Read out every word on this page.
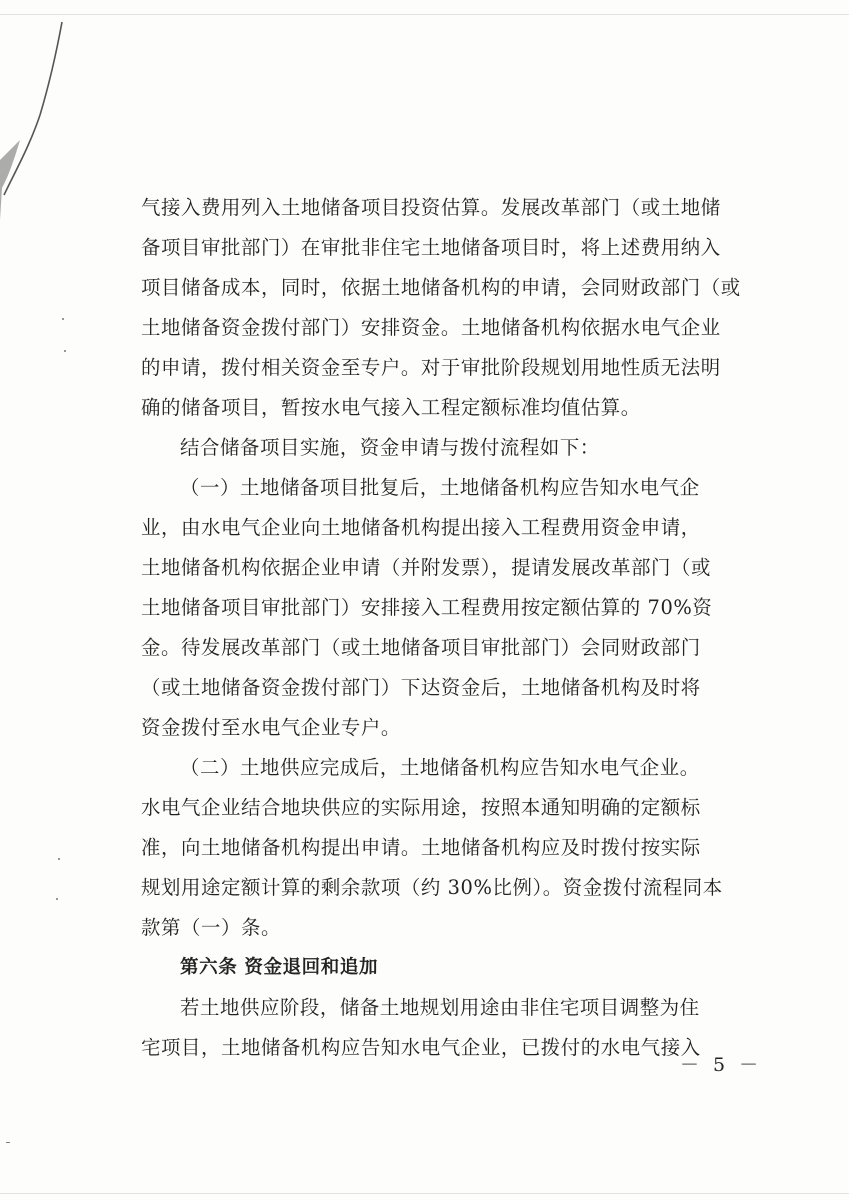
气接入费用列入土地储备项目投资估算。发展改革部门（或土地储
备项目审批部门）在审批非住宅土地储备项目时，将上述费用纳入
项目储备成本，同时，依据土地储备机构的申请，会同财政部门（或
土地储备资金拨付部门）安排资金。土地储备机构依据水电气企业
的申请，拨付相关资金至专户。对于审批阶段规划用地性质无法明
确的储备项目，暂按水电气接入工程定额标准均值估算。
结合储备项目实施，资金申请与拨付流程如下：
（一）土地储备项目批复后，土地储备机构应告知水电气企
业，由水电气企业向土地储备机构提出接入工程费用资金申请，
土地储备机构依据企业申请（并附发票），提请发展改革部门（或
土地储备项目审批部门）安排接入工程费用按定额估算的 70%资
金。待发展改革部门（或土地储备项目审批部门）会同财政部门
（或土地储备资金拨付部门）下达资金后，土地储备机构及时将
资金拨付至水电气企业专户。
（二）土地供应完成后，土地储备机构应告知水电气企业。
水电气企业结合地块供应的实际用途，按照本通知明确的定额标
准，向土地储备机构提出申请。土地储备机构应及时拨付按实际
规划用途定额计算的剩余款项（约 30%比例）。资金拨付流程同本
款第（一）条。
第六条 资金退回和追加
若土地供应阶段，储备土地规划用途由非住宅项目调整为住
宅项目，土地储备机构应告知水电气企业，已拨付的水电气接入
－ 5 －
